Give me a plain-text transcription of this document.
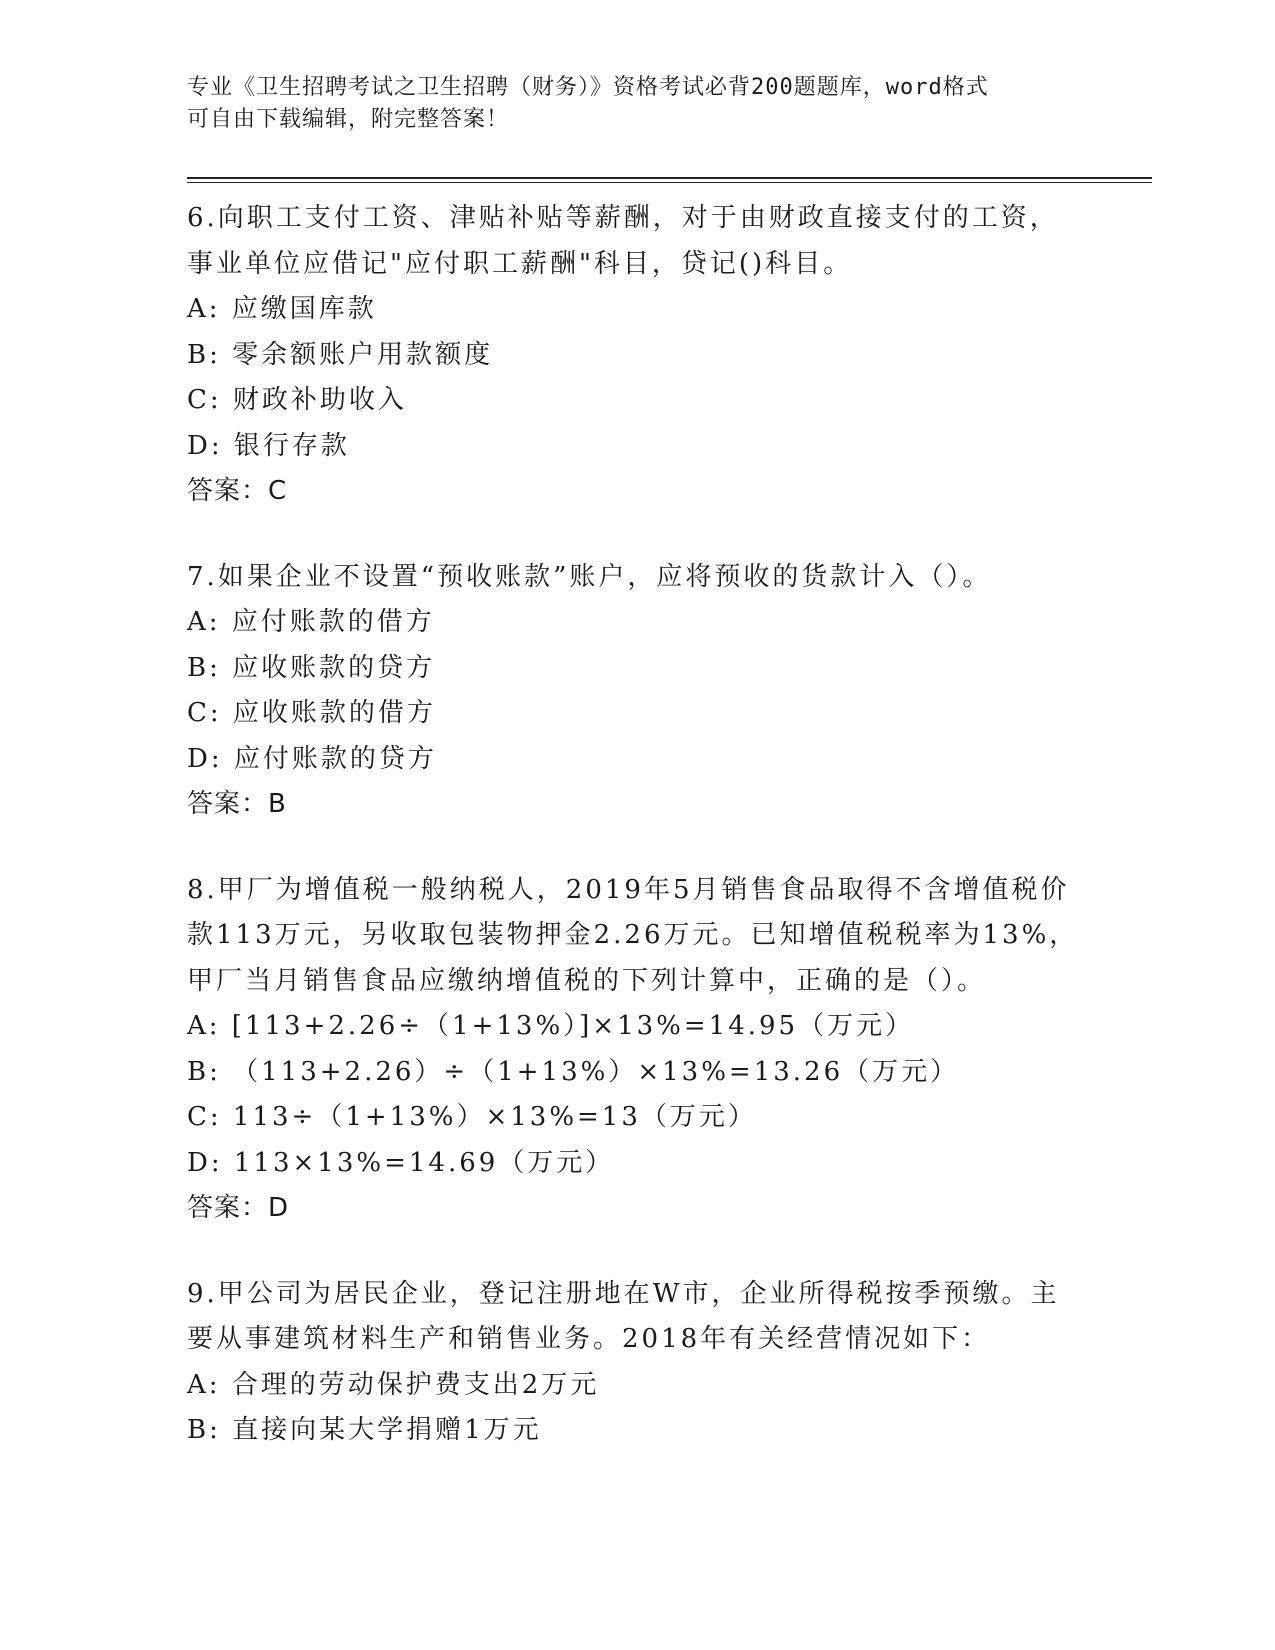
专业《卫生招聘考试之卫生招聘（财务）》资格考试必背200题题库，word格式
可自由下载编辑，附完整答案！
6.向职工支付工资、津贴补贴等薪酬，对于由财政直接支付的工资，
事业单位应借记"应付职工薪酬"科目，贷记()科目。
A: 应缴国库款
B: 零余额账户用款额度
C: 财政补助收入
D: 银行存款
答案：C
7.如果企业不设置“预收账款”账户，应将预收的货款计入（）。
A: 应付账款的借方
B: 应收账款的贷方
C: 应收账款的借方
D: 应付账款的贷方
答案：B
8.甲厂为增值税一般纳税人，2019年5月销售食品取得不含增值税价
款113万元，另收取包装物押金2.26万元。已知增值税税率为13%，
甲厂当月销售食品应缴纳增值税的下列计算中，正确的是（）。
A: [113+2.26÷（1+13%）]×13%=14.95（万元）
B: （113+2.26）÷（1+13%）×13%=13.26（万元）
C: 113÷（1+13%）×13%=13（万元）
D: 113×13%=14.69（万元）
答案：D
9.甲公司为居民企业，登记注册地在W市，企业所得税按季预缴。主
要从事建筑材料生产和销售业务。2018年有关经营情况如下：
A: 合理的劳动保护费支出2万元
B: 直接向某大学捐赠1万元
